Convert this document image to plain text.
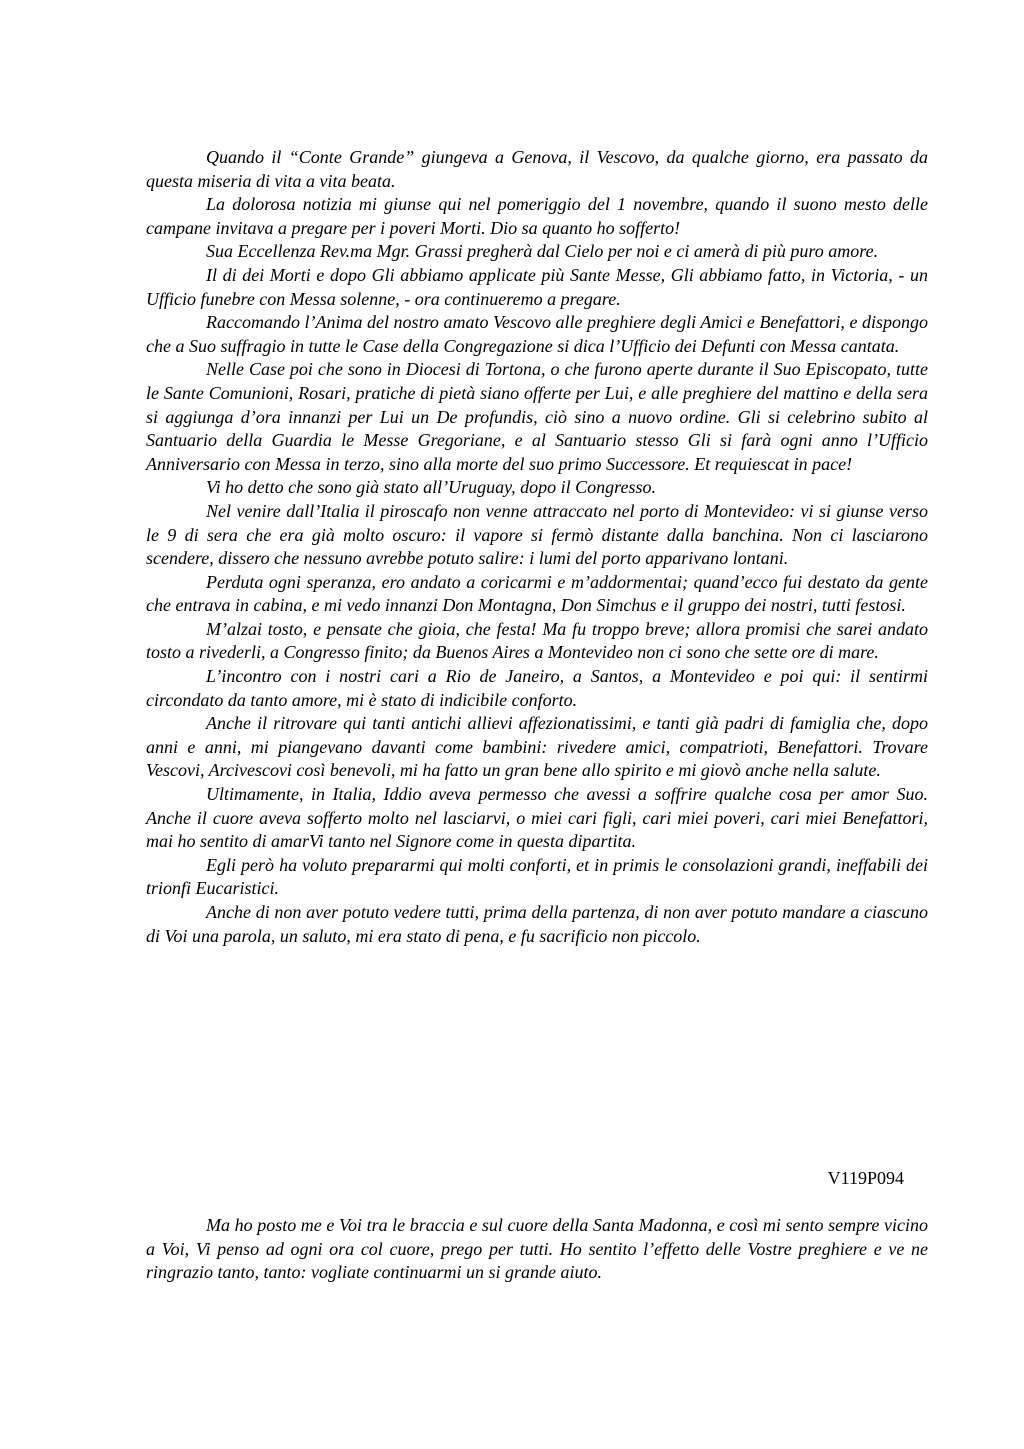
Quando il “Conte Grande” giungeva a Genova, il Vescovo, da qualche giorno, era passato da questa miseria di vita a vita beata.

La dolorosa notizia mi giunse qui nel pomeriggio del 1 novembre, quando il suono mesto delle campane invitava a pregare per i poveri Morti. Dio sa quanto ho sofferto!

Sua Eccellenza Rev.ma Mgr. Grassi pregherà dal Cielo per noi e ci amerà di più puro amore.

Il di dei Morti e dopo Gli abbiamo applicate più Sante Messe, Gli abbiamo fatto, in Victoria, - un Ufficio funebre con Messa solenne, - ora continueremo a pregare.

Raccomando l’Anima del nostro amato Vescovo alle preghiere degli Amici e Benefattori, e dispongo che a Suo suffragio in tutte le Case della Congregazione si dica l’Ufficio dei Defunti con Messa cantata.

Nelle Case poi che sono in Diocesi di Tortona, o che furono aperte durante il Suo Episcopato, tutte le Sante Comunioni, Rosari, pratiche di pietà siano offerte per Lui, e alle preghiere del mattino e della sera si aggiunga d’ora innanzi per Lui un De profundis, ciò sino a nuovo ordine. Gli si celebrino subito al Santuario della Guardia le Messe Gregoriane, e al Santuario stesso Gli si farà ogni anno l’Ufficio Anniversario con Messa in terzo, sino alla morte del suo primo Successore. Et requiescat in pace!

Vi ho detto che sono già stato all’Uruguay, dopo il Congresso.

Nel venire dall’Italia il piroscafo non venne attraccato nel porto di Montevideo: vi si giunse verso le 9 di sera che era già molto oscuro: il vapore si fermò distante dalla banchina. Non ci lasciarono scendere, dissero che nessuno avrebbe potuto salire: i lumi del porto apparivano lontani.

Perduta ogni speranza, ero andato a coricarmi e m’addormentai; quand’ecco fui destato da gente che entrava in cabina, e mi vedo innanzi Don Montagna, Don Simchus e il gruppo dei nostri, tutti festosi.

M’alzai tosto, e pensate che gioia, che festa! Ma fu troppo breve; allora promisi che sarei andato tosto a rivederli, a Congresso finito; da Buenos Aires a Montevideo non ci sono che sette ore di mare.

L’incontro con i nostri cari a Rio de Janeiro, a Santos, a Montevideo e poi qui: il sentirmi circondato da tanto amore, mi è stato di indicibile conforto.

Anche il ritrovare qui tanti antichi allievi affezionatissimi, e tanti già padri di famiglia che, dopo anni e anni, mi piangevano davanti come bambini: rivedere amici, compatrioti, Benefattori. Trovare Vescovi, Arcivescovi così benevoli, mi ha fatto un gran bene allo spirito e mi giovò anche nella salute.

Ultimamente, in Italia, Iddio aveva permesso che avessi a soffrire qualche cosa per amor Suo. Anche il cuore aveva sofferto molto nel lasciarvi, o miei cari figli, cari miei poveri, cari miei Benefattori, mai ho sentito di amarVi tanto nel Signore come in questa dipartita.

Egli però ha voluto prepararmi qui molti conforti, et in primis le consolazioni grandi, ineffabili dei trionfi Eucaristici.

Anche di non aver potuto vedere tutti, prima della partenza, di non aver potuto mandare a ciascuno di Voi una parola, un saluto, mi era stato di pena, e fu sacrificio non piccolo.

V119P094

Ma ho posto me e Voi tra le braccia e sul cuore della Santa Madonna, e così mi sento sempre vicino a Voi, Vi penso ad ogni ora col cuore, prego per tutti. Ho sentito l’effetto delle Vostre preghiere e ve ne ringrazio tanto, tanto: vogliate continuarmi un si grande aiuto.
